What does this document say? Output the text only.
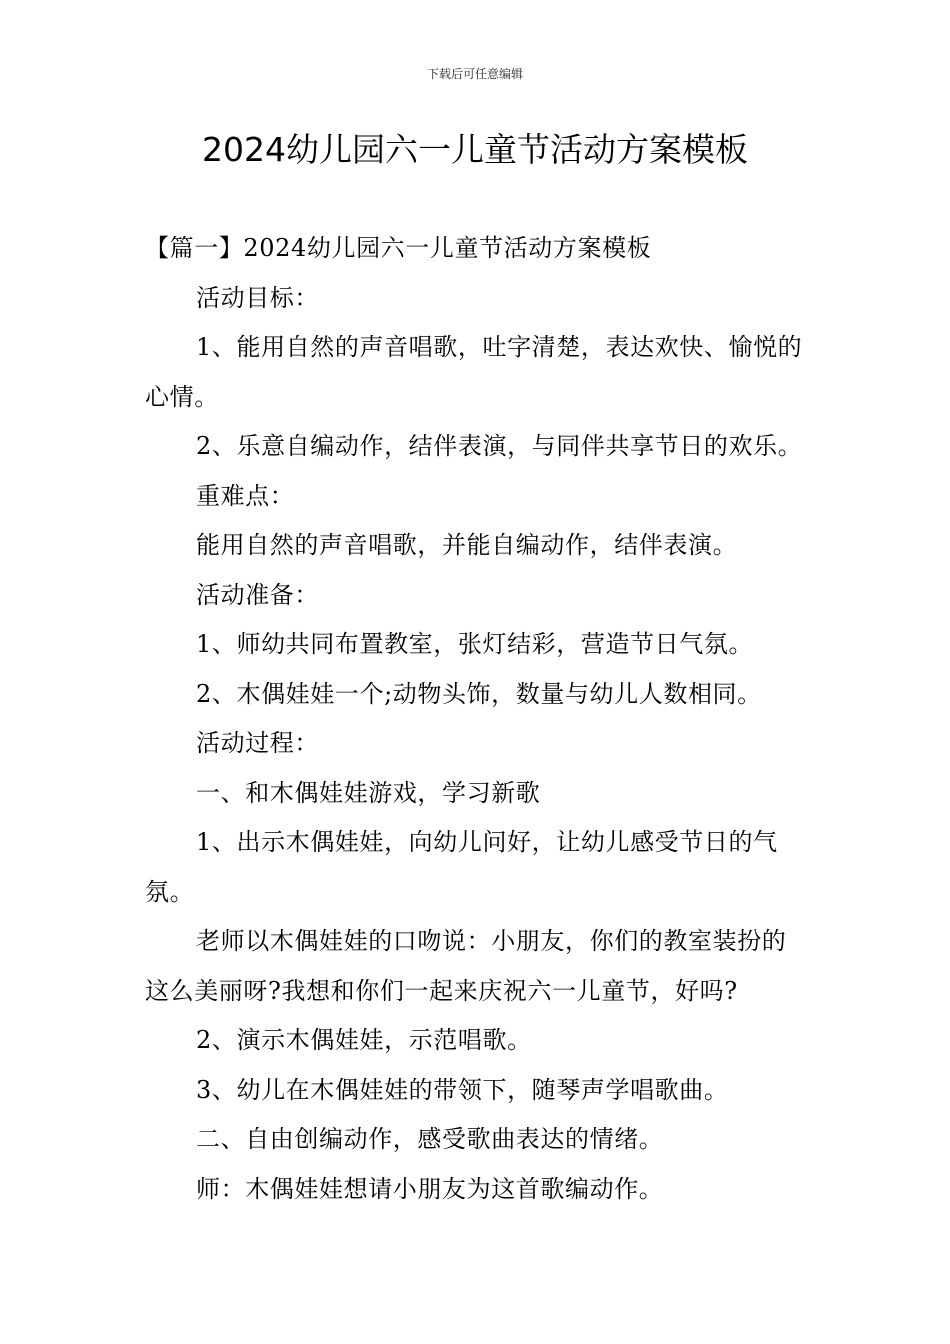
下载后可任意编辑
2024幼儿园六一儿童节活动方案模板

【篇一】2024幼儿园六一儿童节活动方案模板

活动目标：

1、能用自然的声音唱歌，吐字清楚，表达欢快、愉悦的心情。

2、乐意自编动作，结伴表演，与同伴共享节日的欢乐。

重难点：

能用自然的声音唱歌，并能自编动作，结伴表演。

活动准备：

1、师幼共同布置教室，张灯结彩，营造节日气氛。

2、木偶娃娃一个;动物头饰，数量与幼儿人数相同。

活动过程：

一、和木偶娃娃游戏，学习新歌

1、出示木偶娃娃，向幼儿问好，让幼儿感受节日的气氛。

老师以木偶娃娃的口吻说：小朋友，你们的教室装扮的这么美丽呀?我想和你们一起来庆祝六一儿童节，好吗?

2、演示木偶娃娃，示范唱歌。

3、幼儿在木偶娃娃的带领下，随琴声学唱歌曲。

二、自由创编动作，感受歌曲表达的情绪。

师：木偶娃娃想请小朋友为这首歌编动作。
